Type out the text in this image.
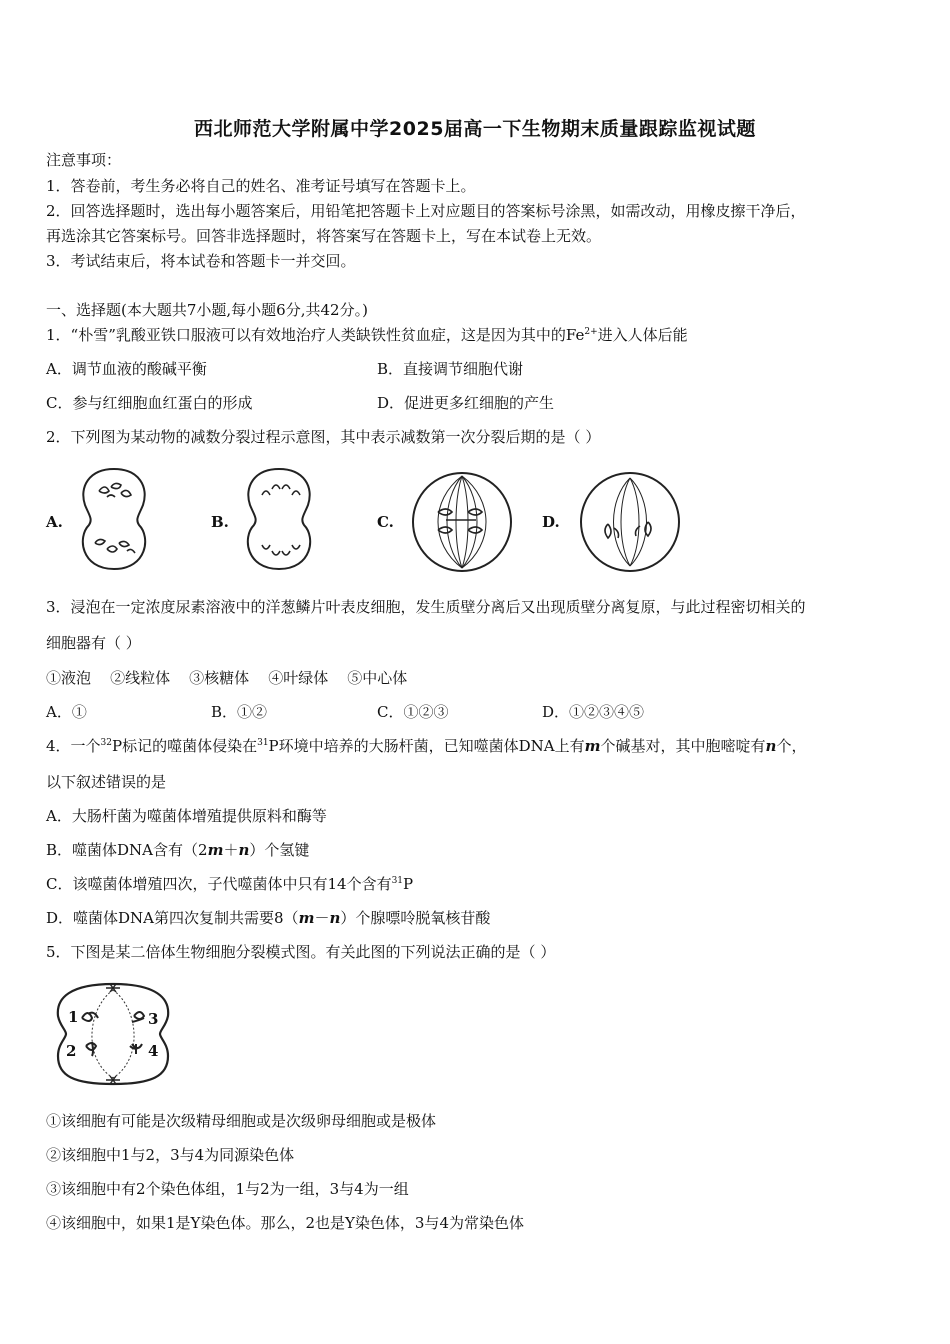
西北师范大学附属中学2025届高一下生物期末质量跟踪监视试题
注意事项：
1．答卷前，考生务必将自己的姓名、准考证号填写在答题卡上。
2．回答选择题时，选出每小题答案后，用铅笔把答题卡上对应题目的答案标号涂黑，如需改动，用橡皮擦干净后，
再选涂其它答案标号。回答非选择题时，将答案写在答题卡上，写在本试卷上无效。
3．考试结束后，将本试卷和答题卡一并交回。
一、选择题(本大题共7小题,每小题6分,共42分。)
1．“朴雪”乳酸亚铁口服液可以有效地治疗人类缺铁性贫血症，这是因为其中的$Fe^{2+}$进入人体后能
A．调节血液的酸碱平衡	B．直接调节细胞代谢
C．参与红细胞血红蛋白的形成	D．促进更多红细胞的产生
2．下列图为某动物的减数分裂过程示意图，其中表示减数第一次分裂后期的是（ ）
A.	B.	C.	D.
3．浸泡在一定浓度尿素溶液中的洋葱鳞片叶表皮细胞，发生质壁分离后又出现质壁分离复原，与此过程密切相关的
细胞器有（ ）
①液泡    ②线粒体    ③核糖体    ④叶绿体    ⑤中心体
A．①	B．①②	C．①②③	D．①②③④⑤
4．一个$^{32}$P标记的噬菌体侵染在$^{31}$P环境中培养的大肠杆菌，已知噬菌体DNA上有m个碱基对，其中胞嘧啶有n个，
以下叙述错误的是
A．大肠杆菌为噬菌体增殖提供原料和酶等
B．噬菌体DNA含有（2m＋n）个氢键
C．该噬菌体增殖四次，子代噬菌体中只有14个含有$^{31}$P
D．噬菌体DNA第四次复制共需要8（m－n）个腺嘌呤脱氧核苷酸
5．下图是某二倍体生物细胞分裂模式图。有关此图的下列说法正确的是（ ）
1
2
3
4
①该细胞有可能是次级精母细胞或是次级卵母细胞或是极体
②该细胞中1与2，3与4为同源染色体
③该细胞中有2个染色体组，1与2为一组，3与4为一组
④该细胞中，如果1是Y染色体。那么，2也是Y染色体，3与4为常染色体
